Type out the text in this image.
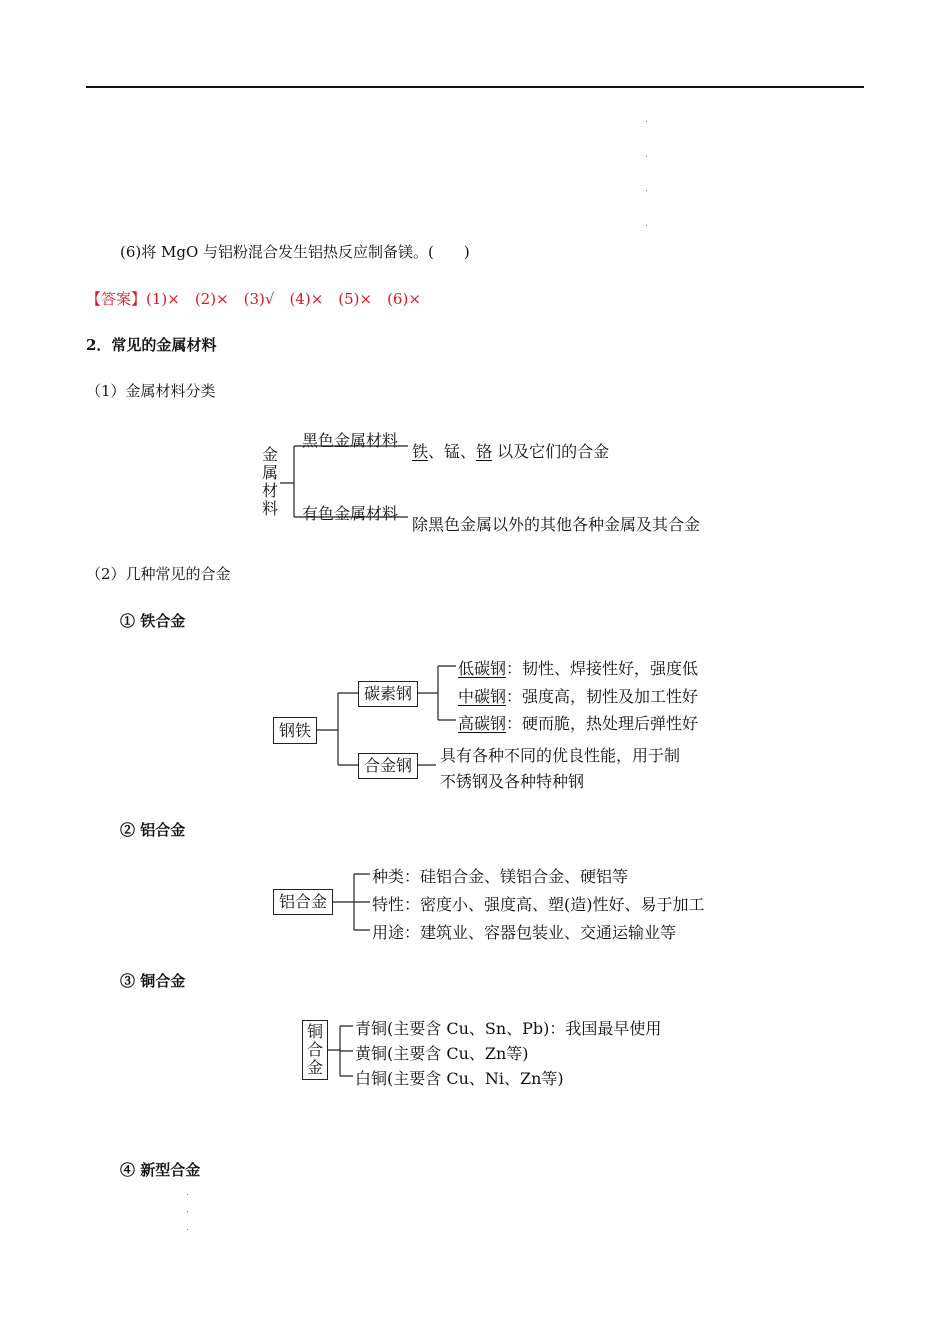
(6)将 MgO 与铝粉混合发生铝热反应制备镁。(　　)
【答案】(1)× (2)× (3)√ (4)× (5)× (6)×
2．常见的金属材料
（1）金属材料分类
金
属
材
料
黑色金属材料
铁、锰、铬 以及它们的合金
有色金属材料
除黑色金属以外的其他各种金属及其合金
（2）几种常见的合金
① 铁合金
钢铁
碳素钢
合金钢
低碳钢：韧性、焊接性好，强度低
中碳钢：强度高，韧性及加工性好
高碳钢：硬而脆，热处理后弹性好
具有各种不同的优良性能，用于制
不锈钢及各种特种钢
② 铝合金
铝合金
种类：硅铝合金、镁铝合金、硬铝等
特性：密度小、强度高、塑(造)性好、易于加工
用途：建筑业、容器包装业、交通运输业等
③ 铜合金
铜
合
金
青铜(主要含 Cu、Sn、Pb)：我国最早使用
黄铜(主要含 Cu、Zn等)
白铜(主要含 Cu、Ni、Zn等)
④ 新型合金
